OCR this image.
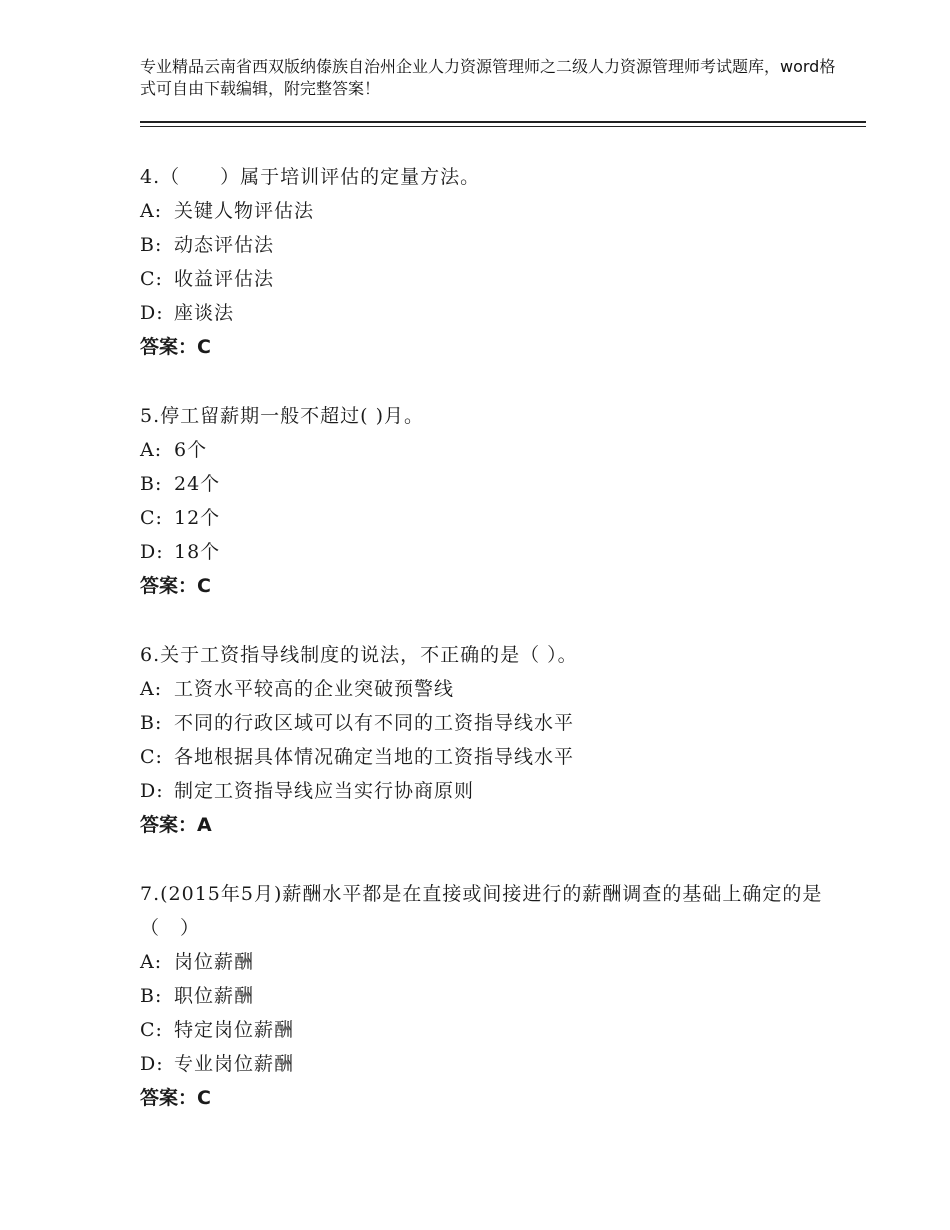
专业精品云南省西双版纳傣族自治州企业人力资源管理师之二级人力资源管理师考试题库，word格式可自由下载编辑，附完整答案！

4.（　　）属于培训评估的定量方法。

A: 关键人物评估法

B: 动态评估法

C: 收益评估法

D: 座谈法

答案：C

5.停工留薪期一般不超过( )月。

A: 6个

B: 24个

C: 12个

D: 18个

答案：C

6.关于工资指导线制度的说法，不正确的是（ ）。

A: 工资水平较高的企业突破预警线

B: 不同的行政区域可以有不同的工资指导线水平

C: 各地根据具体情况确定当地的工资指导线水平

D: 制定工资指导线应当实行协商原则

答案：A

7.(2015年5月)薪酬水平都是在直接或间接进行的薪酬调查的基础上确定的是（　）

A: 岗位薪酬

B: 职位薪酬

C: 特定岗位薪酬

D: 专业岗位薪酬

答案：C
